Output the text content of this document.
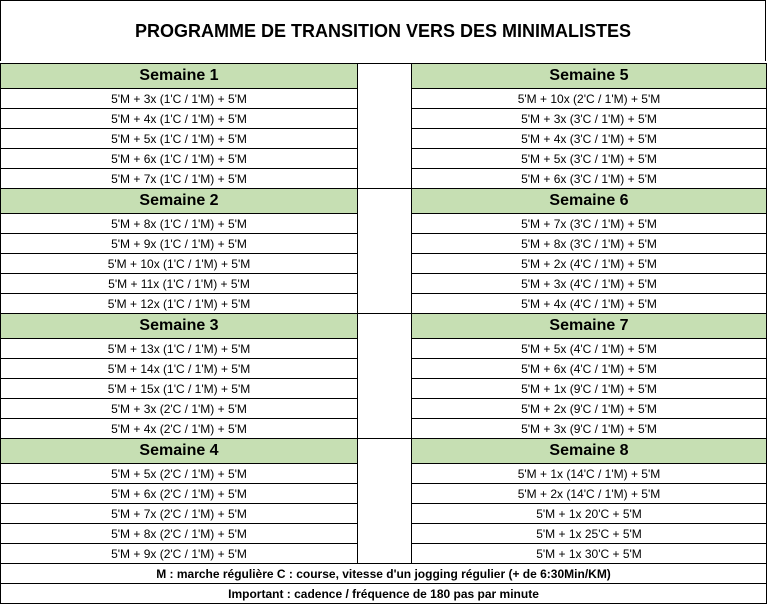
PROGRAMME DE TRANSITION VERS DES MINIMALISTES
Semaine 1		Semaine 5
5'M + 3x (1'C / 1'M) + 5'M		5'M + 10x (2'C / 1'M) + 5'M
5'M + 4x (1'C / 1'M) + 5'M		5'M + 3x (3'C / 1'M) + 5'M
5'M + 5x (1'C / 1'M) + 5'M		5'M + 4x (3'C / 1'M) + 5'M
5'M + 6x (1'C / 1'M) + 5'M		5'M + 5x (3'C / 1'M) + 5'M
5'M + 7x (1'C / 1'M) + 5'M		5'M + 6x (3'C / 1'M) + 5'M
Semaine 2		Semaine 6
5'M + 8x (1'C / 1'M) + 5'M		5'M + 7x (3'C / 1'M) + 5'M
5'M + 9x (1'C / 1'M) + 5'M		5'M + 8x (3'C / 1'M) + 5'M
5'M + 10x (1'C / 1'M) + 5'M		5'M + 2x (4'C / 1'M) + 5'M
5'M + 11x (1'C / 1'M) + 5'M		5'M + 3x (4'C / 1'M) + 5'M
5'M + 12x (1'C / 1'M) + 5'M		5'M + 4x (4'C / 1'M) + 5'M
Semaine 3		Semaine 7
5'M + 13x (1'C / 1'M) + 5'M		5'M + 5x (4'C / 1'M) + 5'M
5'M + 14x (1'C / 1'M) + 5'M		5'M + 6x (4'C / 1'M) + 5'M
5'M + 15x (1'C / 1'M) + 5'M		5'M + 1x (9'C / 1'M) + 5'M
5'M + 3x (2'C / 1'M) + 5'M		5'M + 2x (9'C / 1'M) + 5'M
5'M + 4x (2'C / 1'M) + 5'M		5'M + 3x (9'C / 1'M) + 5'M
Semaine 4		Semaine 8
5'M + 5x (2'C / 1'M) + 5'M		5'M + 1x (14'C / 1'M) + 5'M
5'M + 6x (2'C / 1'M) + 5'M		5'M + 2x (14'C / 1'M) + 5'M
5'M + 7x (2'C / 1'M) + 5'M		5'M + 1x 20'C + 5'M
5'M + 8x (2'C / 1'M) + 5'M		5'M + 1x 25'C + 5'M
5'M + 9x (2'C / 1'M) + 5'M		5'M + 1x 30'C + 5'M
M : marche régulière C : course, vitesse d'un jogging régulier (+ de 6:30Min/KM)		
Important : cadence / fréquence de 180 pas par minute		
